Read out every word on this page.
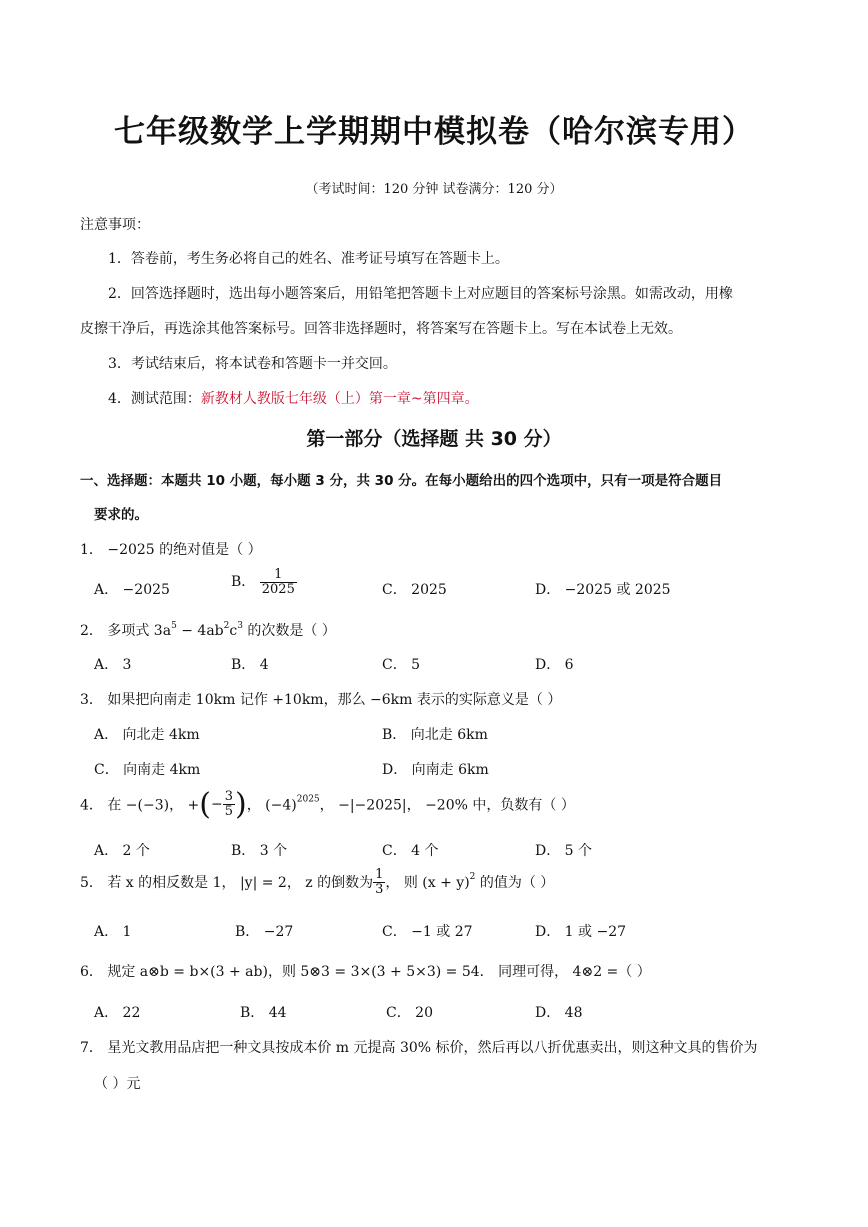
七年级数学上学期期中模拟卷（哈尔滨专用）
（考试时间：120 分钟 试卷满分：120 分）
注意事项：
1．答卷前，考生务必将自己的姓名、准考证号填写在答题卡上。
2．回答选择题时，选出每小题答案后，用铅笔把答题卡上对应题目的答案标号涂黑。如需改动，用橡
皮擦干净后，再选涂其他答案标号。回答非选择题时，将答案写在答题卡上。写在本试卷上无效。
3．考试结束后，将本试卷和答题卡一并交回。
4．测试范围：新教材人教版七年级（上）第一章~第四章。
第一部分（选择题 共 30 分）
一、选择题：本题共 10 小题，每小题 3 分，共 30 分。在每小题给出的四个选项中，只有一项是符合题目
要求的。
1． −2025 的绝对值是（ ）
A． −2025	B． $\frac{1}{2025}$	C． 2025	D． −2025 或 2025
2． 多项式 $3a^5 - 4ab^2c^3$ 的次数是（ ）
A． 3	B． 4	C． 5	D． 6
3． 如果把向南走 10km 记作 +10km，那么 −6km 表示的实际意义是（ ）
A． 向北走 4km	B． 向北走 6km
C． 向南走 4km	D． 向南走 6km
4． 在 −(−3)， +(− $\frac{3}{5}$ )， $(-4)^{2025}$， −|−2025|， −20% 中，负数有（ ）
A． 2 个	B． 3 个	C． 4 个	D． 5 个
5． 若 x 的相反数是 1， |y| = 2， z 的倒数为 $\frac{1}{3}$ ， 则 $(x + y)^2$ 的值为（ ）
A． 1	B． −27	C． −1 或 27	D． 1 或 −27
6． 规定 a⊗b = b×(3 + ab)，则 5⊗3 = 3×(3 + 5×3) = 54． 同理可得， 4⊗2 =（ ）
A． 22	B． 44	C． 20	D． 48
7． 星光文教用品店把一种文具按成本价 m 元提高 30% 标价，然后再以八折优惠卖出，则这种文具的售价为
（ ）元
